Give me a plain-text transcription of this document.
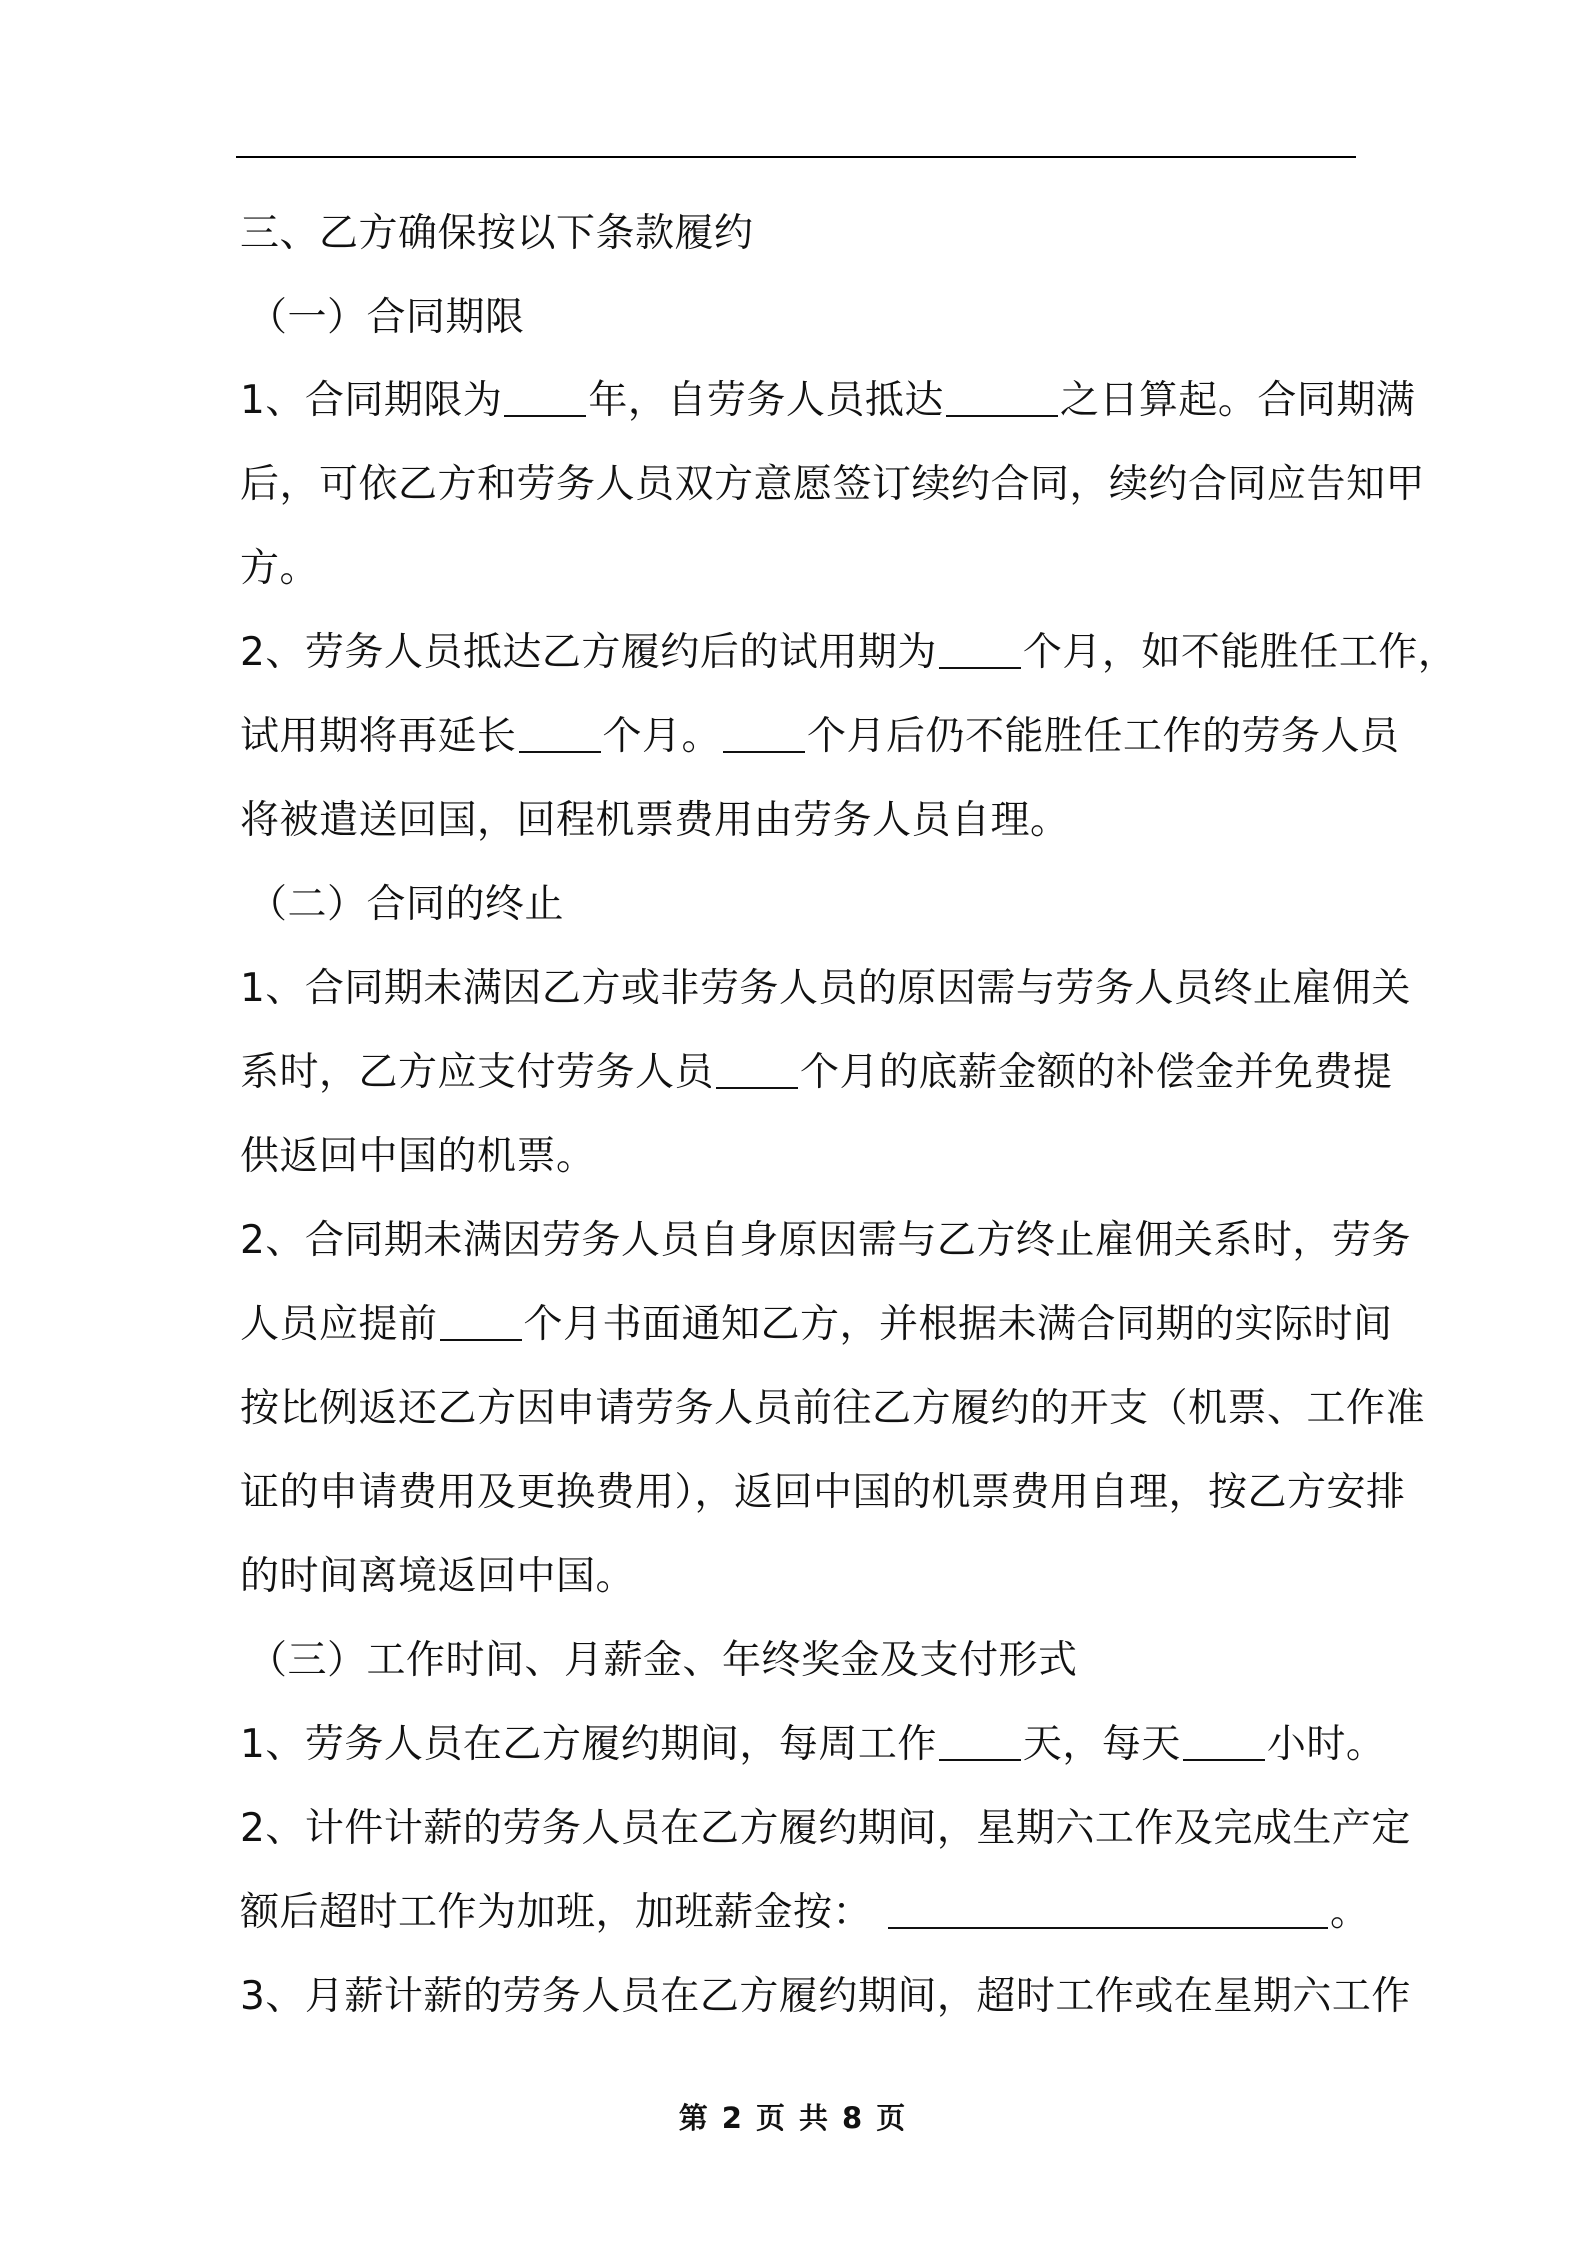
三、乙方确保按以下条款履约
（一）合同期限
1、合同期限为 年，自劳务人员抵达	之日算起。合同期满
后，可依乙方和劳务人员双方意愿签订续约合同，续约合同应告知甲
方。
2、劳务人员抵达乙方履约后的试用期为 个月，如不能胜任工作，
试用期将再延长 个月。 个月后仍不能胜任工作的劳务人员
将被遣送回国，回程机票费用由劳务人员自理。
（二）合同的终止
1、合同期未满因乙方或非劳务人员的原因需与劳务人员终止雇佣关
系时，乙方应支付劳务人员 个月的底薪金额的补偿金并免费提
供返回中国的机票。
2、合同期未满因劳务人员自身原因需与乙方终止雇佣关系时，劳务
人员应提前 个月书面通知乙方，并根据未满合同期的实际时间
按比例返还乙方因申请劳务人员前往乙方履约的开支（机票、工作准
证的申请费用及更换费用），返回中国的机票费用自理，按乙方安排
的时间离境返回中国。
（三）工作时间、月薪金、年终奖金及支付形式
1、劳务人员在乙方履约期间，每周工作 天，每天 小时。
2、计件计薪的劳务人员在乙方履约期间，星期六工作及完成生产定
额后超时工作为加班，加班薪金按：	。
3、月薪计薪的劳务人员在乙方履约期间，超时工作或在星期六工作
第 2 页 共 8 页
